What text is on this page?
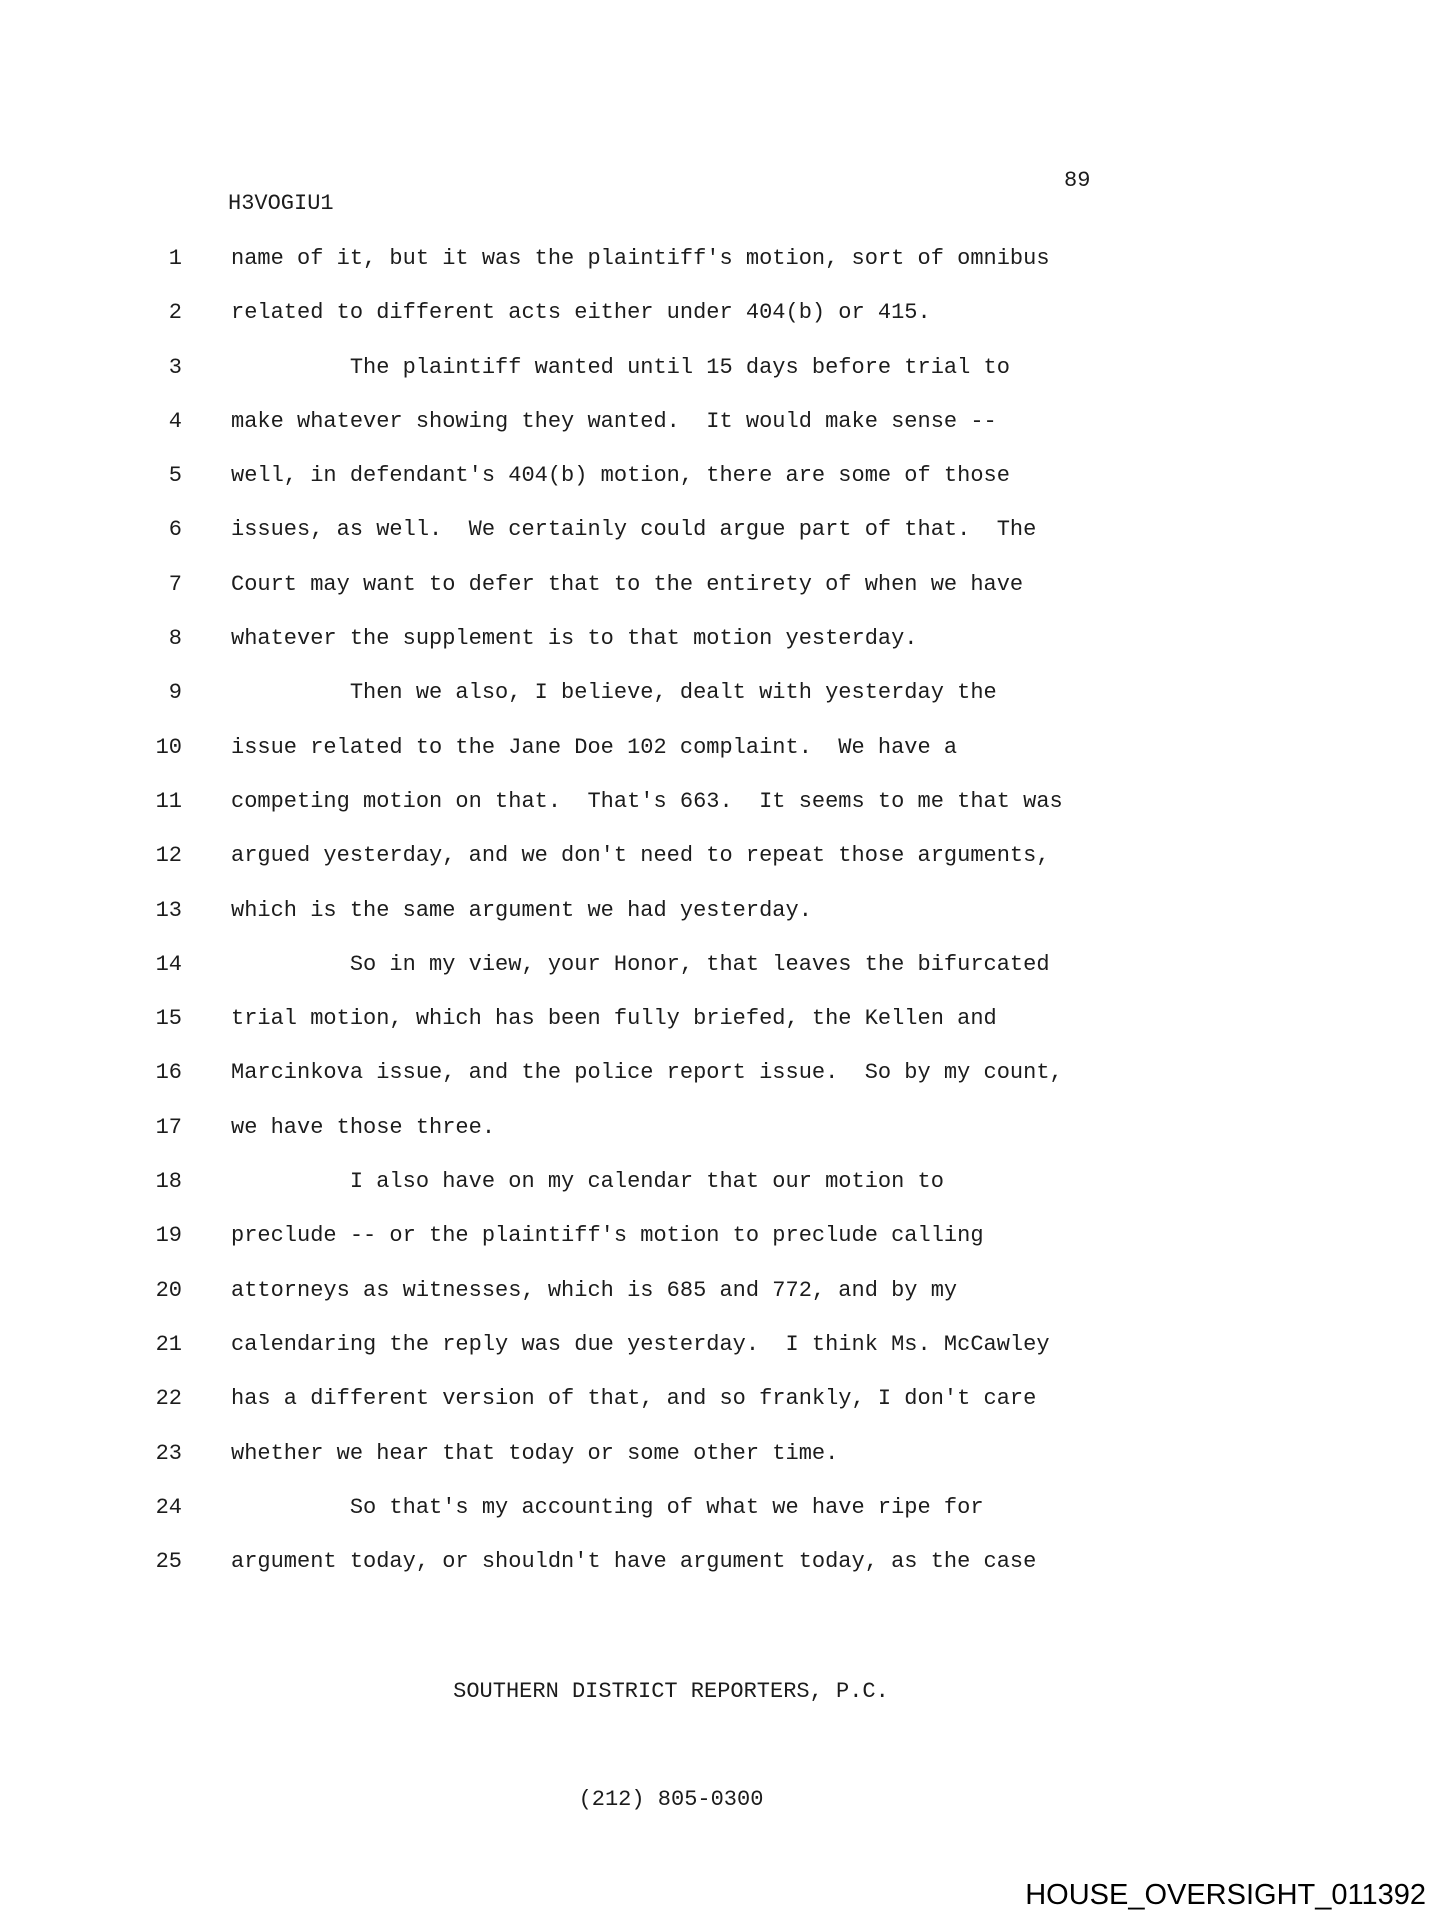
89
H3VOGIU1
1 name of it, but it was the plaintiff's motion, sort of omnibus
2 related to different acts either under 404(b) or 415.
3 The plaintiff wanted until 15 days before trial to
4 make whatever showing they wanted.  It would make sense --
5 well, in defendant's 404(b) motion, there are some of those
6 issues, as well.  We certainly could argue part of that.  The
7 Court may want to defer that to the entirety of when we have
8 whatever the supplement is to that motion yesterday.
9 Then we also, I believe, dealt with yesterday the
10 issue related to the Jane Doe 102 complaint.  We have a
11 competing motion on that.  That's 663.  It seems to me that was
12 argued yesterday, and we don't need to repeat those arguments,
13 which is the same argument we had yesterday.
14 So in my view, your Honor, that leaves the bifurcated
15 trial motion, which has been fully briefed, the Kellen and
16 Marcinkova issue, and the police report issue.  So by my count,
17 we have those three.
18 I also have on my calendar that our motion to
19 preclude -- or the plaintiff's motion to preclude calling
20 attorneys as witnesses, which is 685 and 772, and by my
21 calendaring the reply was due yesterday.  I think Ms. McCawley
22 has a different version of that, and so frankly, I don't care
23 whether we hear that today or some other time.
24 So that's my accounting of what we have ripe for
25 argument today, or shouldn't have argument today, as the case

SOUTHERN DISTRICT REPORTERS, P.C.

(212) 805-0300

HOUSE_OVERSIGHT_011392
